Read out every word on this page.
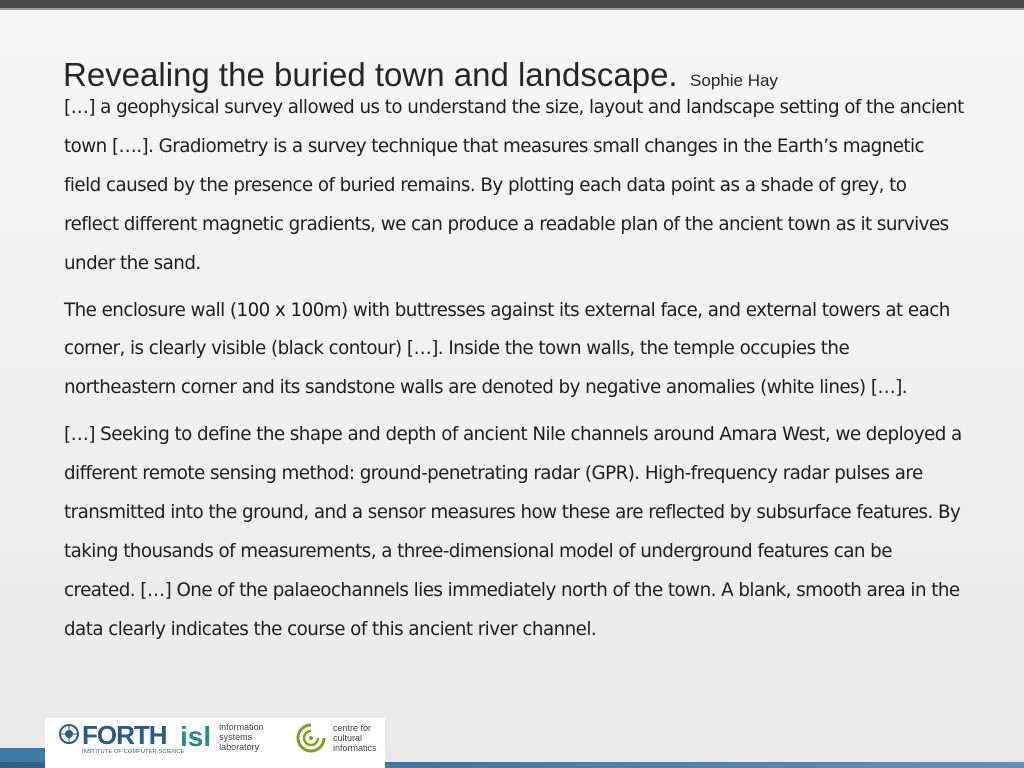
Revealing the buried town and landscape. Sophie Hay

[…] a geophysical survey allowed us to understand the size, layout and landscape setting of the ancient town [….]. Gradiometry is a survey technique that measures small changes in the Earth’s magnetic field caused by the presence of buried remains. By plotting each data point as a shade of grey, to reflect different magnetic gradients, we can produce a readable plan of the ancient town as it survives under the sand.

The enclosure wall (100 x 100m) with buttresses against its external face, and external towers at each corner, is clearly visible (black contour) […]. Inside the town walls, the temple occupies the northeastern corner and its sandstone walls are denoted by negative anomalies (white lines) […].

[…] Seeking to define the shape and depth of ancient Nile channels around Amara West, we deployed a different remote sensing method: ground-penetrating radar (GPR). High-frequency radar pulses are transmitted into the ground, and a sensor measures how these are reflected by subsurface features. By taking thousands of measurements, a three-dimensional model of underground features can be created. […] One of the palaeochannels lies immediately north of the town. A blank, smooth area in the data clearly indicates the course of this ancient river channel.

FORTH
INSTITUTE OF COMPUTER SCIENCE
isl information
systems
laboratory
centre for
cultural
informatics
